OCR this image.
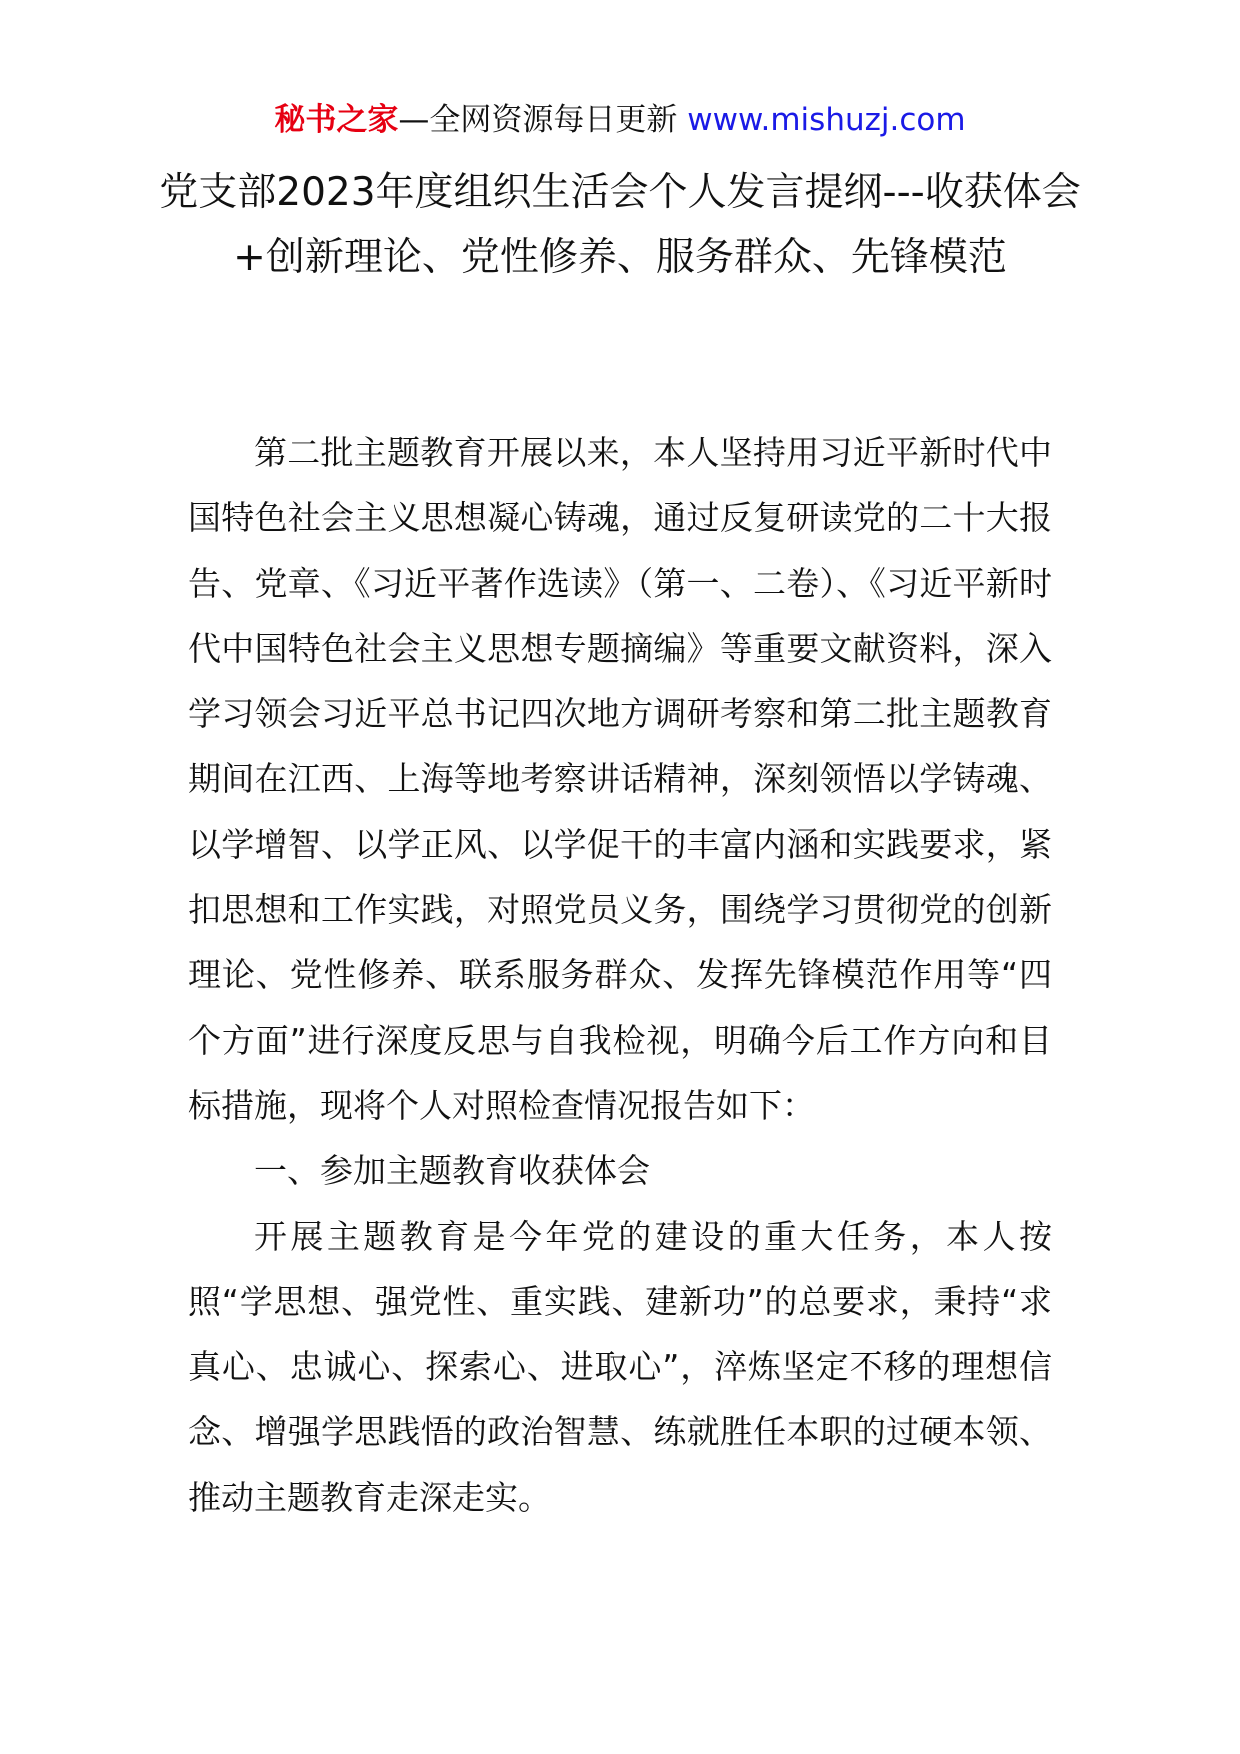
秘书之家—全网资源每日更新 www.mishuzj.com
党支部2023年度组织生活会个人发言提纲---收获体会+创新理论、党性修养、服务群众、先锋模范

第二批主题教育开展以来，本人坚持用习近平新时代中国特色社会主义思想凝心铸魂，通过反复研读党的二十大报告、党章、《习近平著作选读》（第一、二卷）、《习近平新时代中国特色社会主义思想专题摘编》等重要文献资料，深入学习领会习近平总书记四次地方调研考察和第二批主题教育期间在江西、上海等地考察讲话精神，深刻领悟以学铸魂、以学增智、以学正风、以学促干的丰富内涵和实践要求，紧扣思想和工作实践，对照党员义务，围绕学习贯彻党的创新理论、党性修养、联系服务群众、发挥先锋模范作用等“四个方面”进行深度反思与自我检视，明确今后工作方向和目标措施，现将个人对照检查情况报告如下：

一、参加主题教育收获体会

开展主题教育是今年党的建设的重大任务，本人按照“学思想、强党性、重实践、建新功”的总要求，秉持“求真心、忠诚心、探索心、进取心”，淬炼坚定不移的理想信念、增强学思践悟的政治智慧、练就胜任本职的过硬本领、推动主题教育走深走实。
